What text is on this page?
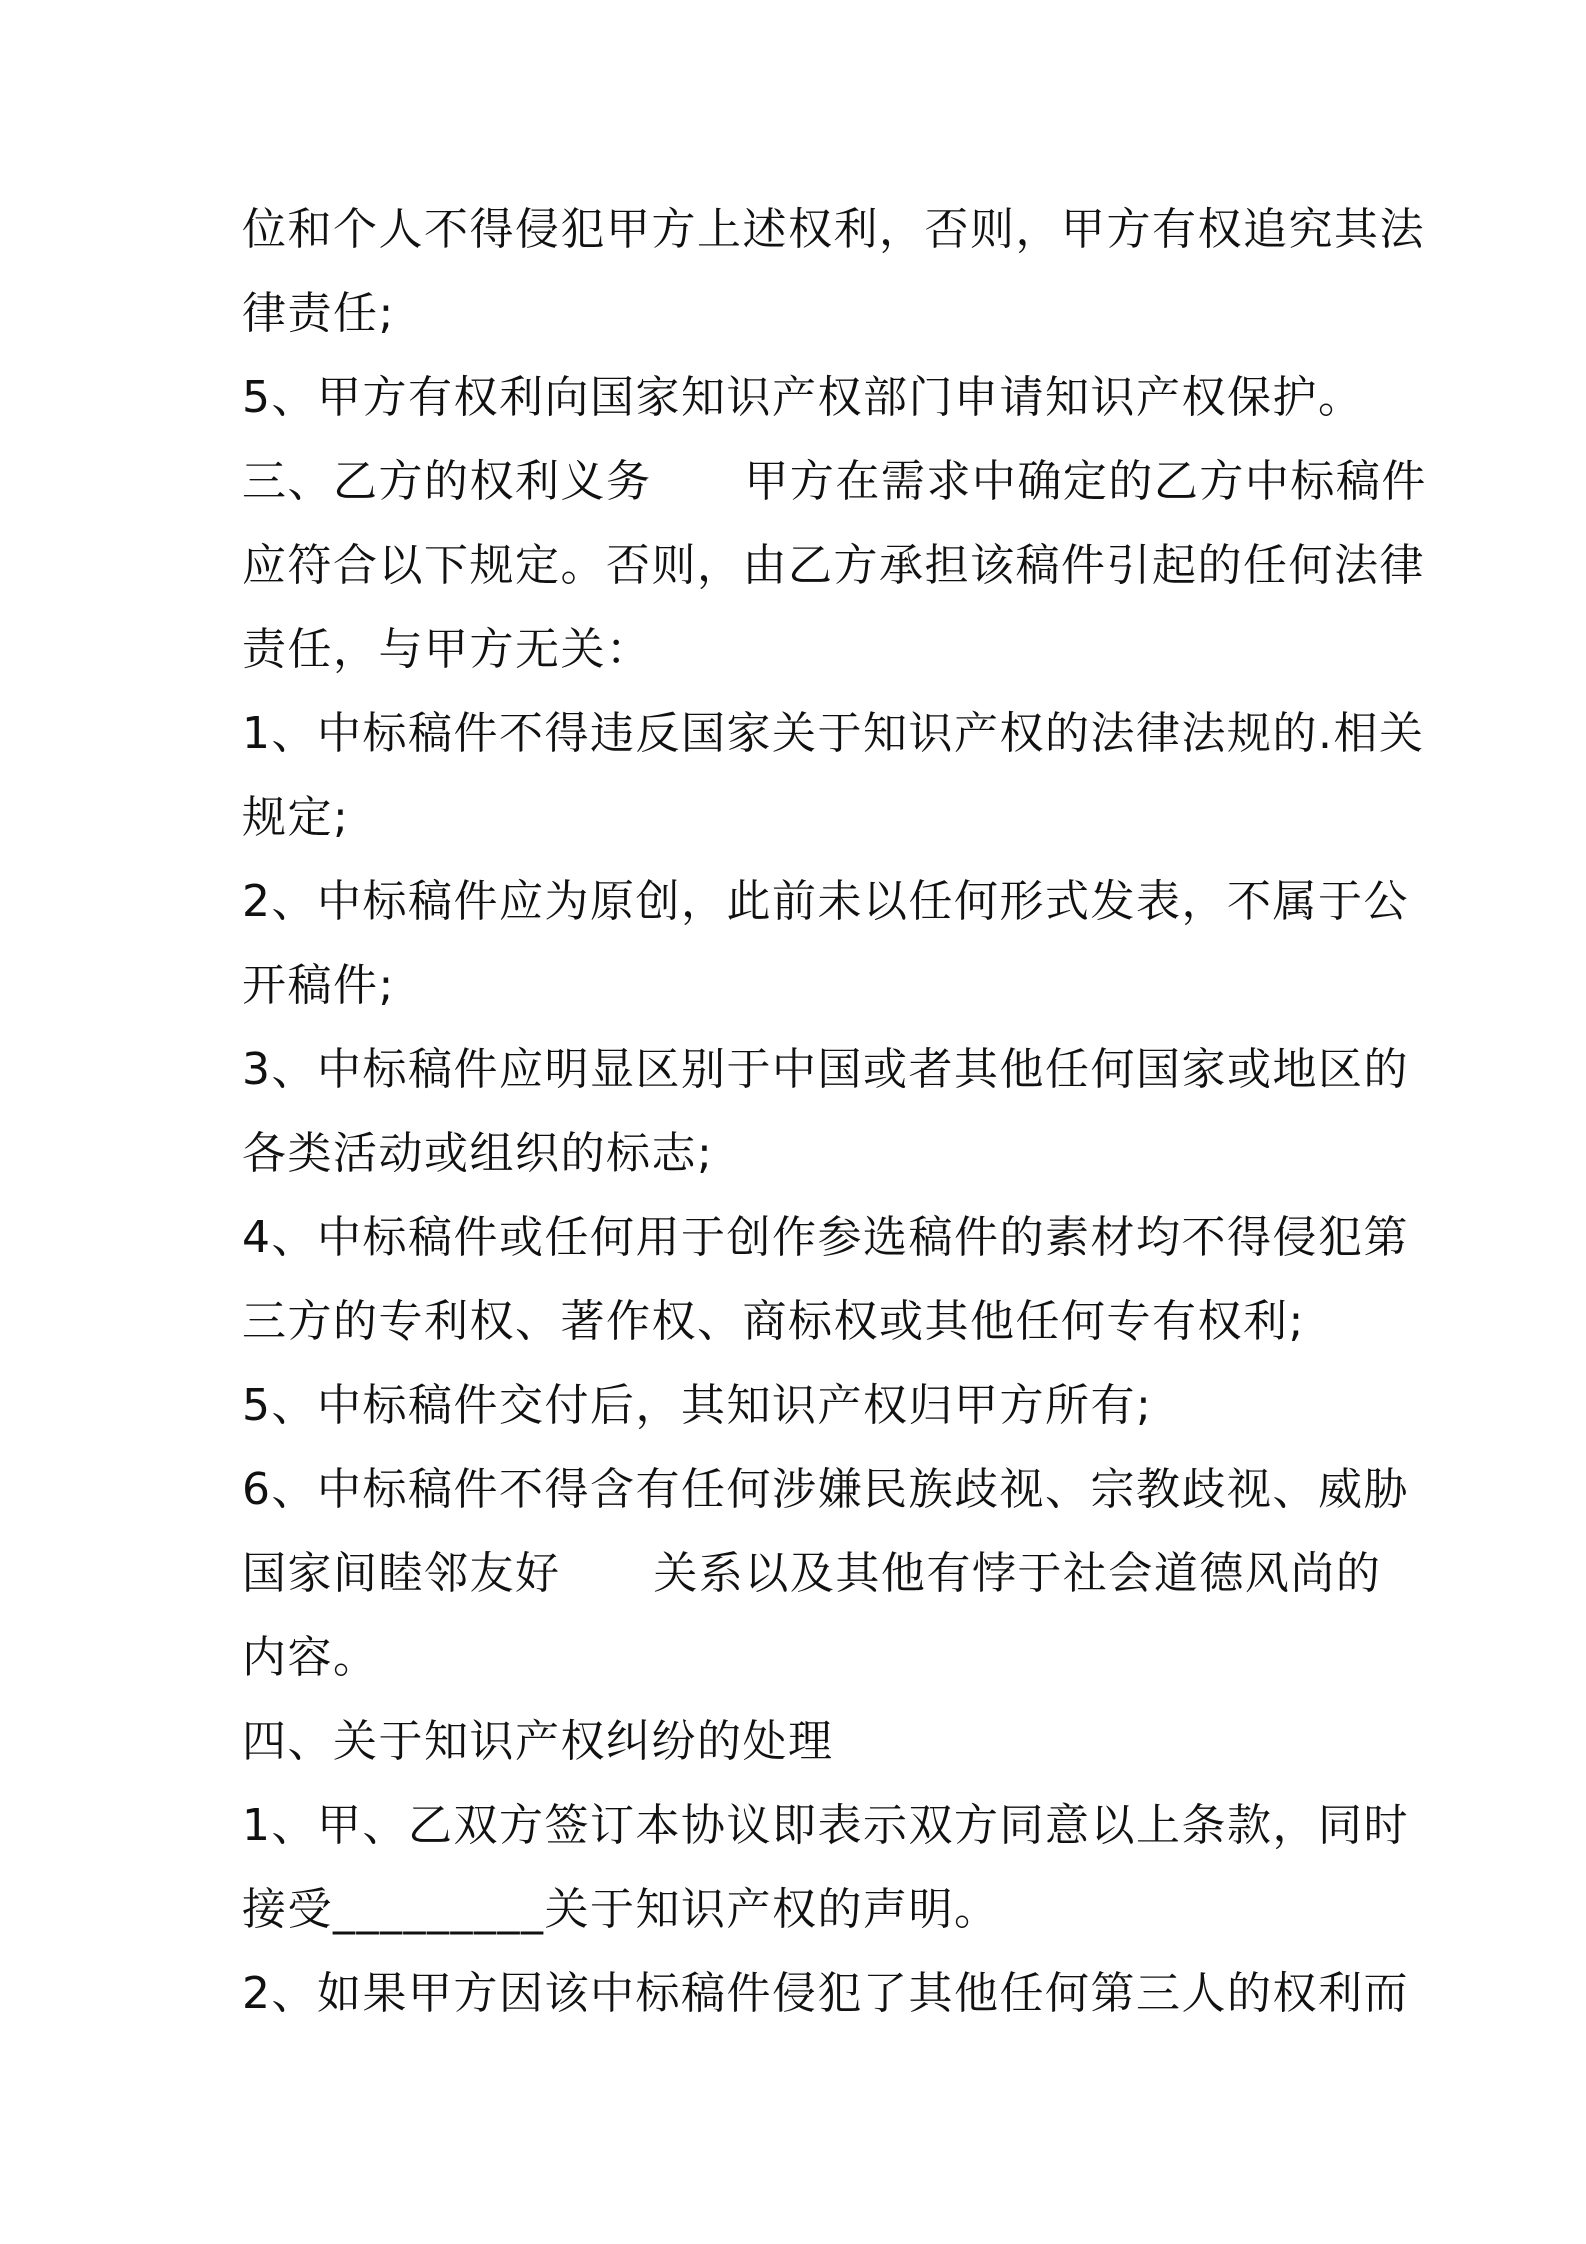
位和个人不得侵犯甲方上述权利，否则，甲方有权追究其法
律责任;
5、甲方有权利向国家知识产权部门申请知识产权保护。
三、乙方的权利义务      甲方在需求中确定的乙方中标稿件
应符合以下规定。否则，由乙方承担该稿件引起的任何法律
责任，与甲方无关：
1、中标稿件不得违反国家关于知识产权的法律法规的.相关
规定;
2、中标稿件应为原创，此前未以任何形式发表，不属于公
开稿件;
3、中标稿件应明显区别于中国或者其他任何国家或地区的
各类活动或组织的标志;
4、中标稿件或任何用于创作参选稿件的素材均不得侵犯第
三方的专利权、著作权、商标权或其他任何专有权利;
5、中标稿件交付后，其知识产权归甲方所有;
6、中标稿件不得含有任何涉嫌民族歧视、宗教歧视、威胁
国家间睦邻友好      关系以及其他有悖于社会道德风尚的
内容。
四、关于知识产权纠纷的处理
1、甲、乙双方签订本协议即表示双方同意以上条款，同时
接受_________关于知识产权的声明。
2、如果甲方因该中标稿件侵犯了其他任何第三人的权利而
